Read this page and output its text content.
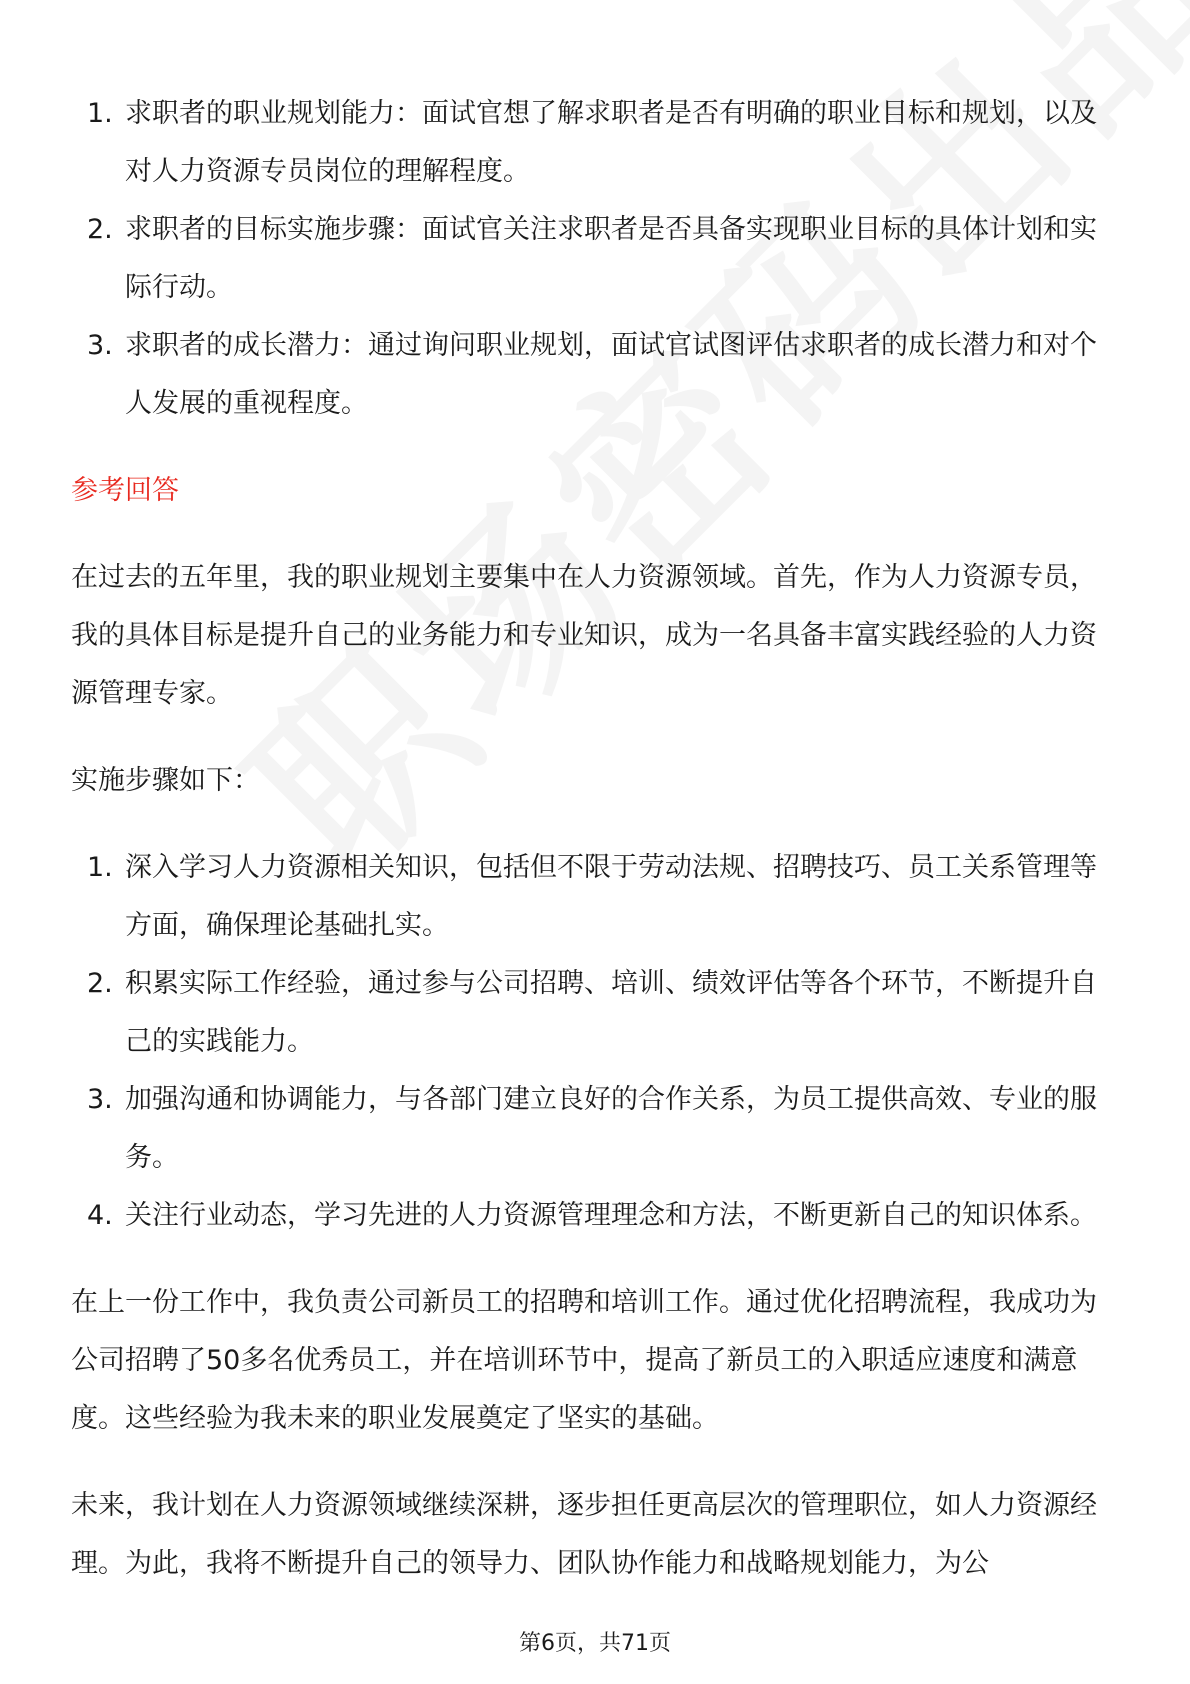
1. 求职者的职业规划能力：面试官想了解求职者是否有明确的职业目标和规划，以及对人力资源专员岗位的理解程度。
2. 求职者的目标实施步骤：面试官关注求职者是否具备实现职业目标的具体计划和实际行动。
3. 求职者的成长潜力：通过询问职业规划，面试官试图评估求职者的成长潜力和对个人发展的重视程度。

参考回答

在过去的五年里，我的职业规划主要集中在人力资源领域。首先，作为人力资源专员，我的具体目标是提升自己的业务能力和专业知识，成为一名具备丰富实践经验的人力资源管理专家。

实施步骤如下：

1. 深入学习人力资源相关知识，包括但不限于劳动法规、招聘技巧、员工关系管理等方面，确保理论基础扎实。
2. 积累实际工作经验，通过参与公司招聘、培训、绩效评估等各个环节，不断提升自己的实践能力。
3. 加强沟通和协调能力，与各部门建立良好的合作关系，为员工提供高效、专业的服务。
4. 关注行业动态，学习先进的人力资源管理理念和方法，不断更新自己的知识体系。

在上一份工作中，我负责公司新员工的招聘和培训工作。通过优化招聘流程，我成功为公司招聘了50多名优秀员工，并在培训环节中，提高了新员工的入职适应速度和满意度。这些经验为我未来的职业发展奠定了坚实的基础。

未来，我计划在人力资源领域继续深耕，逐步担任更高层次的管理职位，如人力资源经理。为此，我将不断提升自己的领导力、团队协作能力和战略规划能力，为公

第6页，共71页
